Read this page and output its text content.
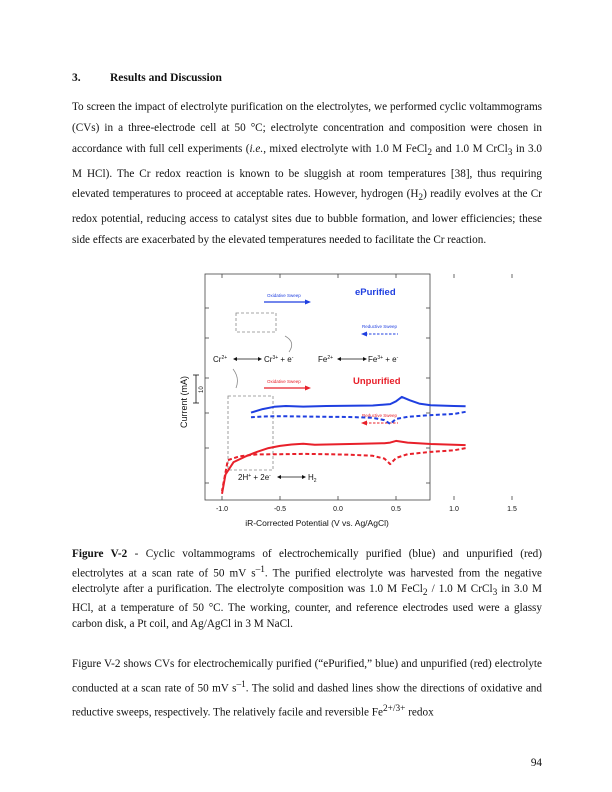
3.	Results and Discussion
To screen the impact of electrolyte purification on the electrolytes, we performed cyclic voltammograms (CVs) in a three-electrode cell at 50 °C; electrolyte concentration and composition were chosen in accordance with full cell experiments (i.e., mixed electrolyte with 1.0 M FeCl$_2$ and 1.0 M CrCl$_3$ in 3.0 M HCl). The Cr redox reaction is known to be sluggish at room temperatures [38], thus requiring elevated temperatures to proceed at acceptable rates. However, hydrogen $(H_2)$ readily evolves at the Cr redox potential, reducing access to catalyst sites due to bubble formation, and lower efficiencies; these side effects are exacerbated by the elevated temperatures needed to facilitate the Cr reaction.
-1.0	-0.5	0.0	0.5	1.0	1.5
ePurified
Oxidative Sweep
Reductive Sweep
$Cr^{2+}$	$Cr^{3+} + e^-$	$Fe^{2+}$	$Fe^{3+} + e^-$
2H+ + 2e-	$H_2$
Unpurified
Oxidative Sweep
Reductive Sweep
10
Current (mA)
iR-Corrected Potential (V vs. Ag/AgCl)
Figure V-2 - Cyclic voltammograms of electrochemically purified (blue) and unpurified (red) electrolytes at a scan rate of 50 mV $s^{-1}$. The purified electrolyte was harvested from the negative electrolyte after a purification. The electrolyte composition was 1.0 M FeCl$_2$ / 1.0 M CrCl$_3$ in 3.0 M HCl, at a temperature of 50 °C. The working, counter, and reference electrodes used were a glassy carbon disk, a Pt coil, and Ag/AgCl in 3 M NaCl.
Figure V-2 shows CVs for electrochemically purified (“ePurified,” blue) and unpurified (red) electrolyte conducted at a scan rate of 50 mV $s^{-1}$. The solid and dashed lines show the directions of oxidative and reductive sweeps, respectively. The relatively facile and reversible $Fe^{2+/3+}$ redox
94
